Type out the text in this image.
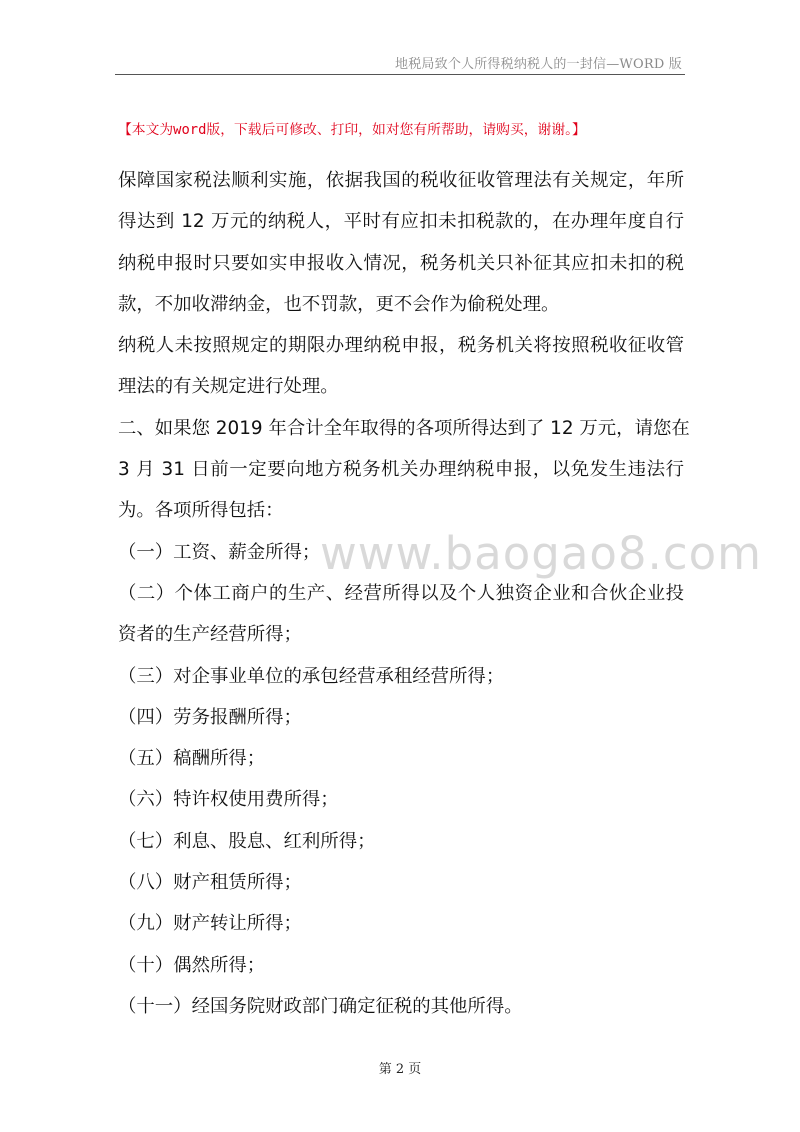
地税局致个人所得税纳税人的一封信—WORD 版
【本文为word版，下载后可修改、打印，如对您有所帮助，请购买，谢谢。】
www.baogao8.com
保障国家税法顺利实施，依据我国的税收征收管理法有关规定，年所
得达到 12 万元的纳税人，平时有应扣未扣税款的，在办理年度自行
纳税申报时只要如实申报收入情况，税务机关只补征其应扣未扣的税
款，不加收滞纳金，也不罚款，更不会作为偷税处理。
纳税人未按照规定的期限办理纳税申报，税务机关将按照税收征收管
理法的有关规定进行处理。
二、如果您 2019 年合计全年取得的各项所得达到了 12 万元，请您在
3 月 31 日前一定要向地方税务机关办理纳税申报，以免发生违法行
为。各项所得包括：
（一）工资、薪金所得；
（二）个体工商户的生产、经营所得以及个人独资企业和合伙企业投
资者的生产经营所得；
（三）对企事业单位的承包经营承租经营所得；
（四）劳务报酬所得；
（五）稿酬所得；
（六）特许权使用费所得；
（七）利息、股息、红利所得；
（八）财产租赁所得；
（九）财产转让所得；
（十）偶然所得；
（十一）经国务院财政部门确定征税的其他所得。
第 2 页
